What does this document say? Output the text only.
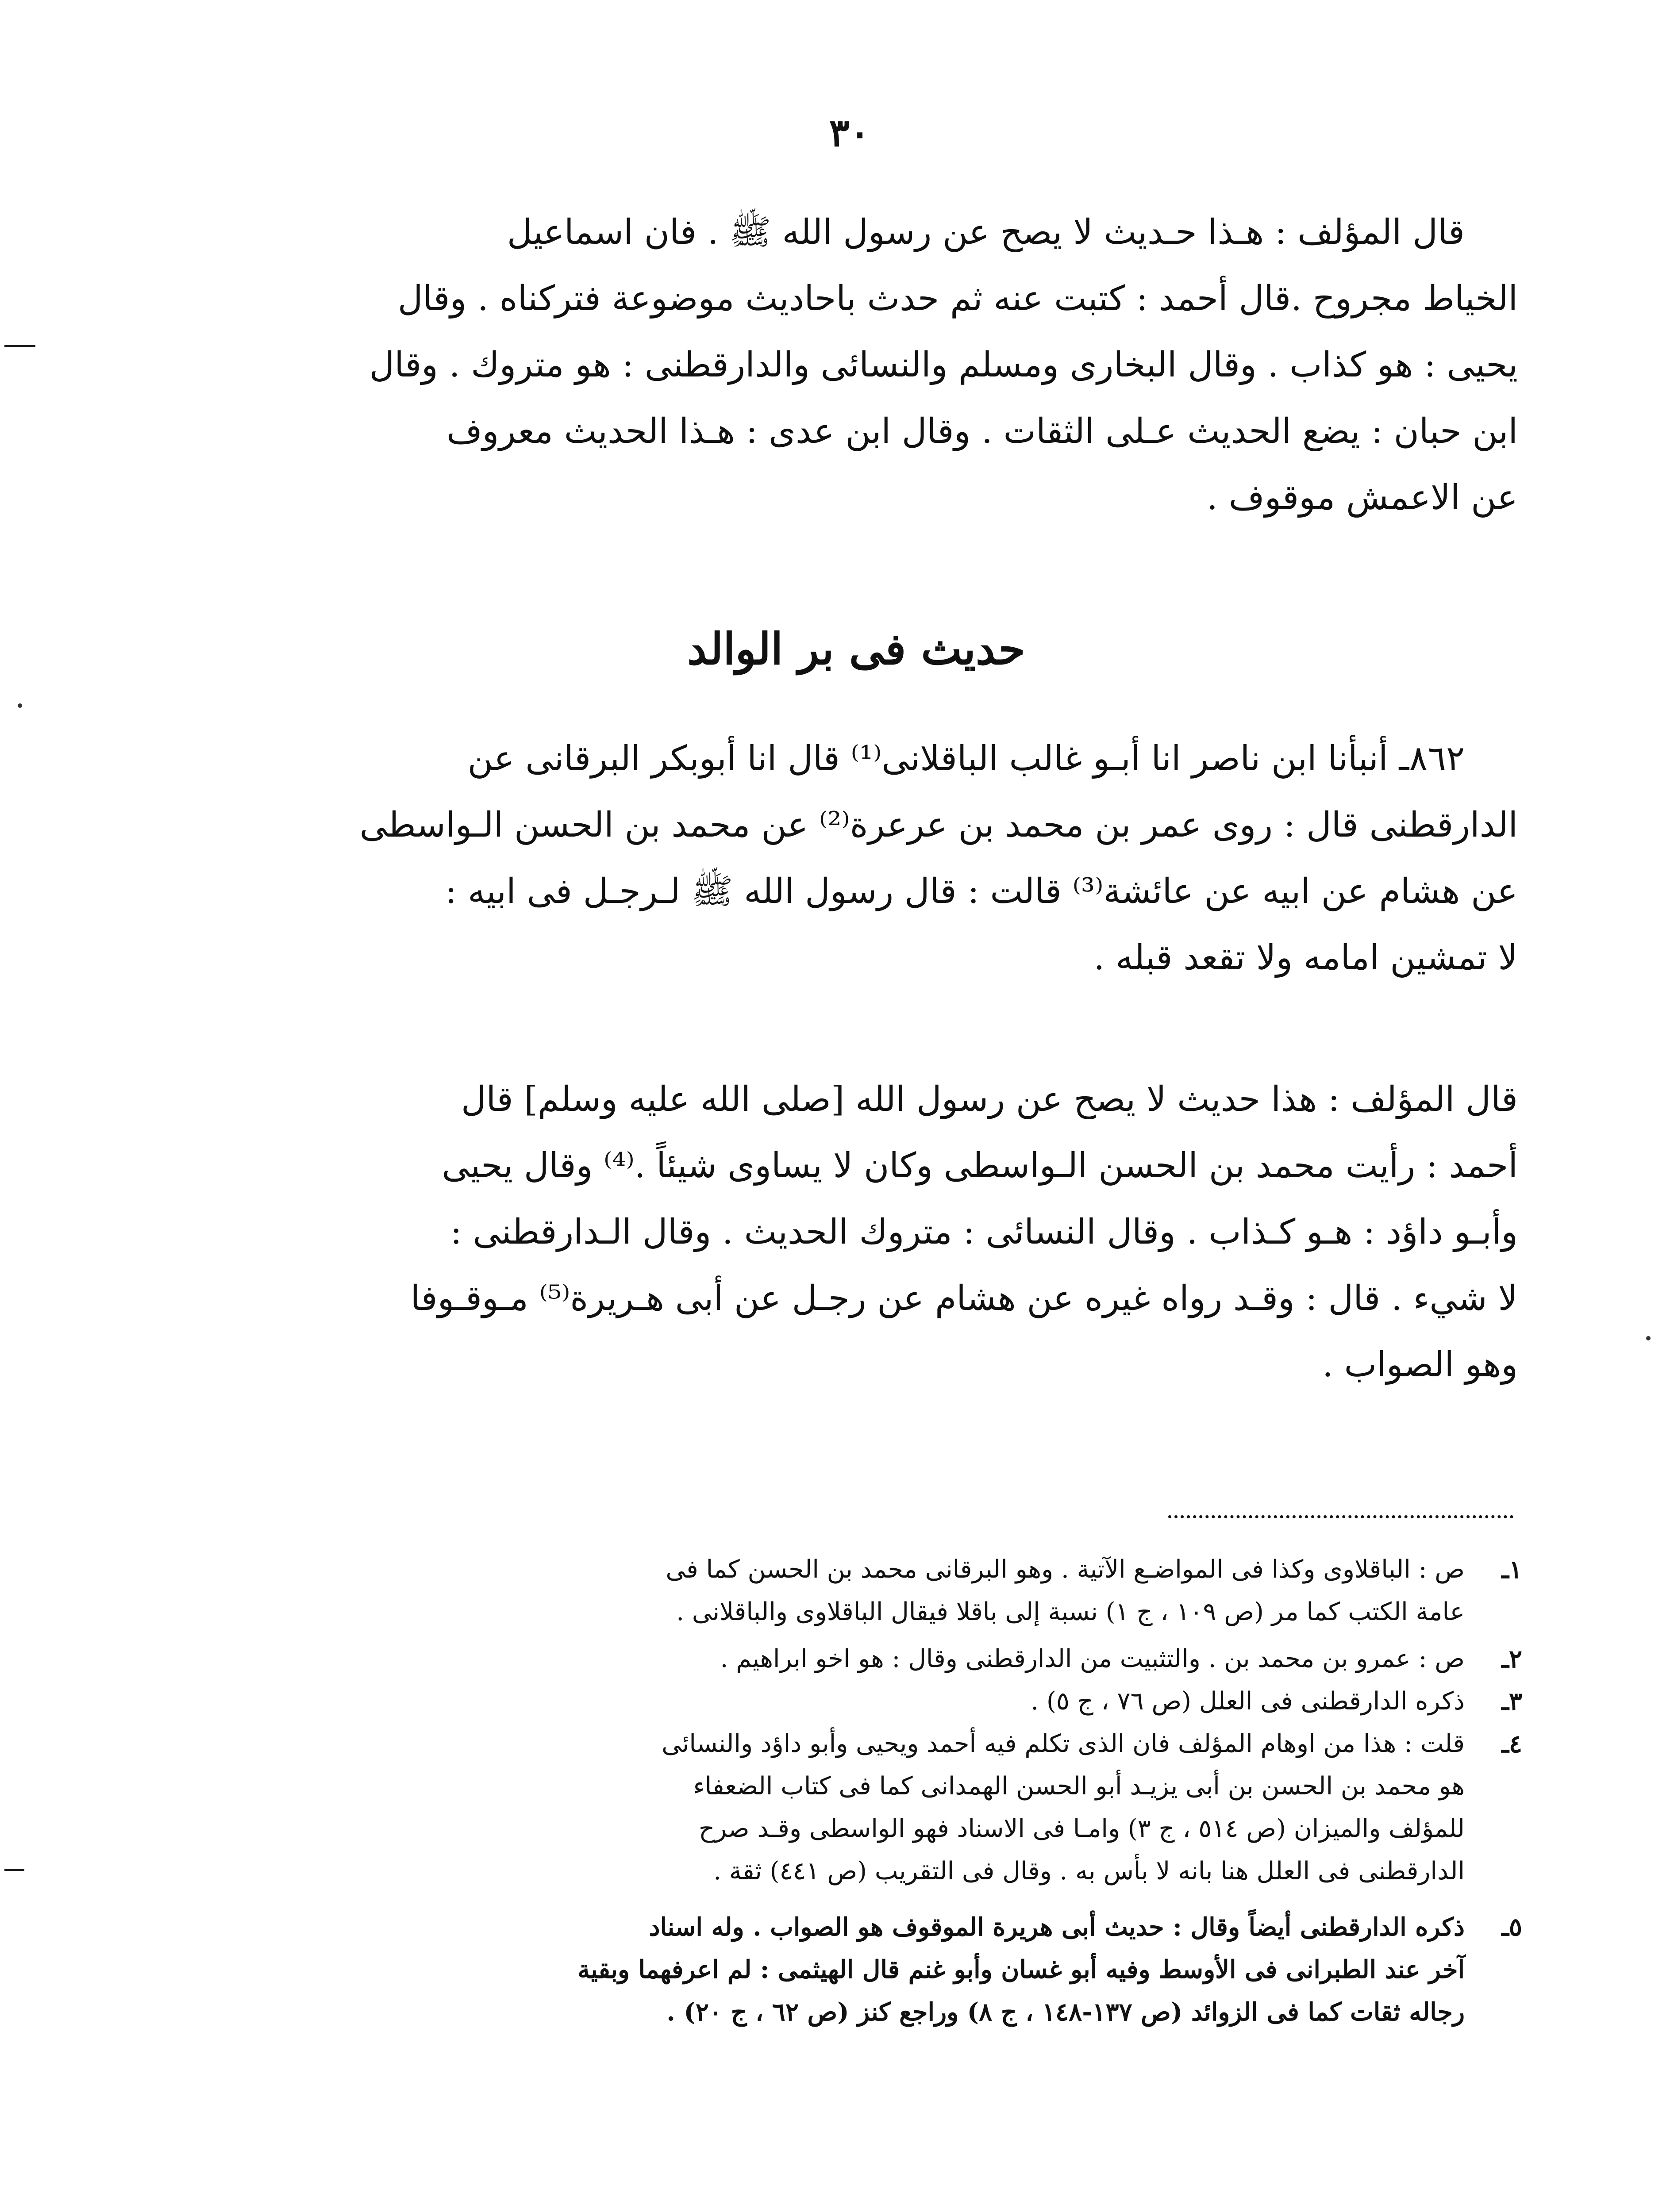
٣٠
قال المؤلف : هـذا حـديث لا يصح عن رسول الله ﷺ . فان اسماعيل
الخياط مجروح .قال أحمد : كتبت عنه ثم حدث باحاديث موضوعة فتركناه . وقال
يحيى : هو كذاب . وقال البخارى ومسلم والنسائى والدارقطنى : هو متروك . وقال
ابن حبان : يضع الحديث عـلى الثقات . وقال ابن عدى : هـذا الحديث معروف
عن الاعمش موقوف .
حديث فى بر الوالد
٨٦٢ـ أنبأنا ابن ناصر انا أبـو غالب الباقلانى⁽¹⁾ قال انا أبوبكر البرقانى عن
الدارقطنى قال : روى عمر بن محمد بن عرعرة⁽²⁾ عن محمد بن الحسن الـواسطى
عن هشام عن ابيه عن عائشة⁽³⁾ قالت : قال رسول الله ﷺ لـرجـل فى ابيه :
لا تمشين امامه ولا تقعد قبله .
قال المؤلف : هذا حديث لا يصح عن رسول الله [صلى الله عليه وسلم] قال
أحمد : رأيت محمد بن الحسن الـواسطى وكان لا يساوى شيئاً .⁽⁴⁾ وقال يحيى
وأبـو داؤد : هـو كـذاب . وقال النسائى : متروك الحديث . وقال الـدارقطنى :
لا شيء . قال : وقـد رواه غيره عن هشام عن رجـل عن أبى هـريرة⁽⁵⁾ مـوقـوفا
وهو الصواب .
١ـ
ص : الباقلاوى وكذا فى المواضـع الآتية . وهو البرقانى محمد بن الحسن كما فى
عامة الكتب كما مر (ص ١٠٩ ، ج ١) نسبة إلى باقلا فيقال الباقلاوى والباقلانى .
٢ـ
ص : عمرو بن محمد بن . والتثبيت من الدارقطنى وقال : هو اخو ابراهيم .
٣ـ
ذكره الدارقطنى فى العلل (ص ٧٦ ، ج ٥) .
٤ـ
قلت : هذا من اوهام المؤلف فان الذى تكلم فيه أحمد ويحيى وأبو داؤد والنسائى
هو محمد بن الحسن بن أبى يزيـد أبو الحسن الهمدانى كما فى كتاب الضعفاء
للمؤلف والميزان (ص ٥١٤ ، ج ٣) وامـا فى الاسناد فهو الواسطى وقـد صرح
الدارقطنى فى العلل هنا بانه لا بأس به . وقال فى التقريب (ص ٤٤١) ثقة .
٥ـ
ذكره الدارقطنى أيضاً وقال : حديث أبى هريرة الموقوف هو الصواب . وله اسناد
آخر عند الطبرانى فى الأوسط وفيه أبو غسان وأبو غنم قال الهيثمى : لم اعرفهما وبقية
رجاله ثقات كما فى الزوائد (ص ١٣٧-١٤٨ ، ج ٨) وراجع كنز (ص ٦٢ ، ج ٢٠) .
